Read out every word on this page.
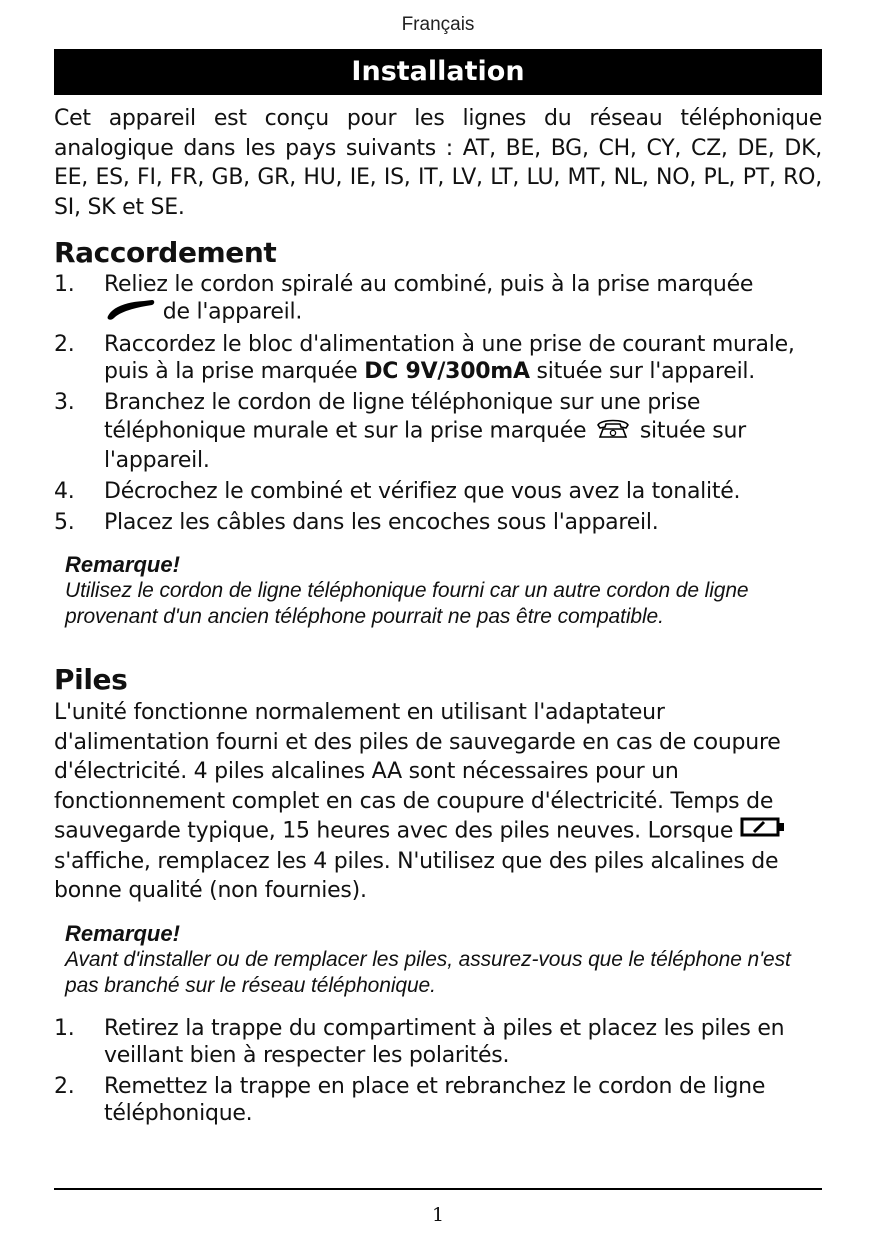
Français
Installation

Cet appareil est conçu pour les lignes du réseau téléphonique analogique dans les pays suivants : AT, BE, BG, CH, CY, CZ, DE, DK, EE, ES, FI, FR, GB, GR, HU, IE, IS, IT, LV, LT, LU, MT, NL, NO, PL, PT, RO, SI, SK et SE.

Raccordement
1. Reliez le cordon spiralé au combiné, puis à la prise marquée
de l'appareil.
2. Raccordez le bloc d'alimentation à une prise de courant murale, puis à la prise marquée DC 9V/300mA située sur l'appareil.
3. Branchez le cordon de ligne téléphonique sur une prise téléphonique murale et sur la prise marquée située sur l'appareil.
4. Décrochez le combiné et vérifiez que vous avez la tonalité.
5. Placez les câbles dans les encoches sous l'appareil.
Remarque!
Utilisez le cordon de ligne téléphonique fourni car un autre cordon de ligne provenant d'un ancien téléphone pourrait ne pas être compatible.
Piles

L'unité fonctionne normalement en utilisant l'adaptateur d'alimentation fourni et des piles de sauvegarde en cas de coupure d'électricité. 4 piles alcalines AA sont nécessaires pour un fonctionnement complet en cas de coupure d'électricité. Temps de sauvegarde typique, 15 heures avec des piles neuves. Lorsque  s'affiche, remplacez les 4 piles. N'utilisez que des piles alcalines de bonne qualité (non fournies).

Remarque!
Avant d'installer ou de remplacer les piles, assurez-vous que le téléphone n'est pas branché sur le réseau téléphonique.
1. Retirez la trappe du compartiment à piles et placez les piles en veillant bien à respecter les polarités.
2. Remettez la trappe en place et rebranchez le cordon de ligne téléphonique.
1
